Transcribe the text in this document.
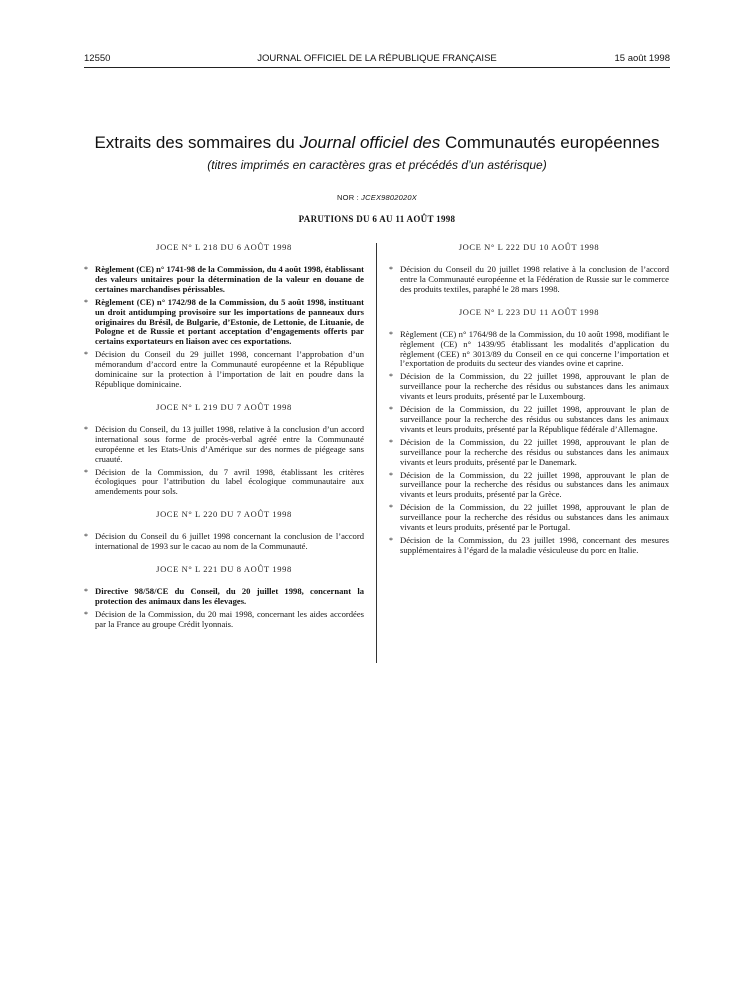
12550	JOURNAL OFFICIEL DE LA RÉPUBLIQUE FRANÇAISE	15 août 1998
Extraits des sommaires du Journal officiel des Communautés européennes
(titres imprimés en caractères gras et précédés d’un astérisque)
NOR : JCEX9802020X
PARUTIONS DU 6 AU 11 AOÛT 1998
JOCE N° L 218 DU 6 AOÛT 1998
* Règlement (CE) n° 1741-98 de la Commission, du 4 août 1998, établissant des valeurs unitaires pour la détermination de la valeur en douane de certaines marchandises périssables.
* Règlement (CE) n° 1742/98 de la Commission, du 5 août 1998, instituant un droit antidumping provisoire sur les importations de panneaux durs originaires du Brésil, de Bulgarie, d’Estonie, de Lettonie, de Lituanie, de Pologne et de Russie et portant acceptation d’engagements offerts par certains exportateurs en liaison avec ces exportations.
* Décision du Conseil du 29 juillet 1998, concernant l’approbation d’un mémorandum d’accord entre la Communauté européenne et la République dominicaine sur la protection à l’importation de lait en poudre dans la République dominicaine.
JOCE N° L 219 DU 7 AOÛT 1998
* Décision du Conseil, du 13 juillet 1998, relative à la conclusion d’un accord international sous forme de procès-verbal agréé entre la Communauté européenne et les Etats-Unis d’Amérique sur des normes de piégeage sans cruauté.
* Décision de la Commission, du 7 avril 1998, établissant les critères écologiques pour l’attribution du label écologique communautaire aux amendements pour sols.
JOCE N° L 220 DU 7 AOÛT 1998
* Décision du Conseil du 6 juillet 1998 concernant la conclusion de l’accord international de 1993 sur le cacao au nom de la Communauté.
JOCE N° L 221 DU 8 AOÛT 1998
* Directive 98/58/CE du Conseil, du 20 juillet 1998, concernant la protection des animaux dans les élevages.
* Décision de la Commission, du 20 mai 1998, concernant les aides accordées par la France au groupe Crédit lyonnais.
JOCE N° L 222 DU 10 AOÛT 1998
* Décision du Conseil du 20 juillet 1998 relative à la conclusion de l’accord entre la Communauté européenne et la Fédération de Russie sur le commerce des produits textiles, paraphé le 28 mars 1998.
JOCE N° L 223 DU 11 AOÛT 1998
* Règlement (CE) n° 1764/98 de la Commission, du 10 août 1998, modifiant le règlement (CE) n° 1439/95 établissant les modalités d’application du règlement (CEE) n° 3013/89 du Conseil en ce qui concerne l’importation et l’exportation de produits du secteur des viandes ovine et caprine.
* Décision de la Commission, du 22 juillet 1998, approuvant le plan de surveillance pour la recherche des résidus ou substances dans les animaux vivants et leurs produits, présenté par le Luxembourg.
* Décision de la Commission, du 22 juillet 1998, approuvant le plan de surveillance pour la recherche des résidus ou substances dans les animaux vivants et leurs produits, présenté par la République fédérale d’Allemagne.
* Décision de la Commission, du 22 juillet 1998, approuvant le plan de surveillance pour la recherche des résidus ou substances dans les animaux vivants et leurs produits, présenté par le Danemark.
* Décision de la Commission, du 22 juillet 1998, approuvant le plan de surveillance pour la recherche des résidus ou substances dans les animaux vivants et leurs produits, présenté par la Grèce.
* Décision de la Commission, du 22 juillet 1998, approuvant le plan de surveillance pour la recherche des résidus ou substances dans les animaux vivants et leurs produits, présenté par le Portugal.
* Décision de la Commission, du 23 juillet 1998, concernant des mesures supplémentaires à l’égard de la maladie vésiculeuse du porc en Italie.
